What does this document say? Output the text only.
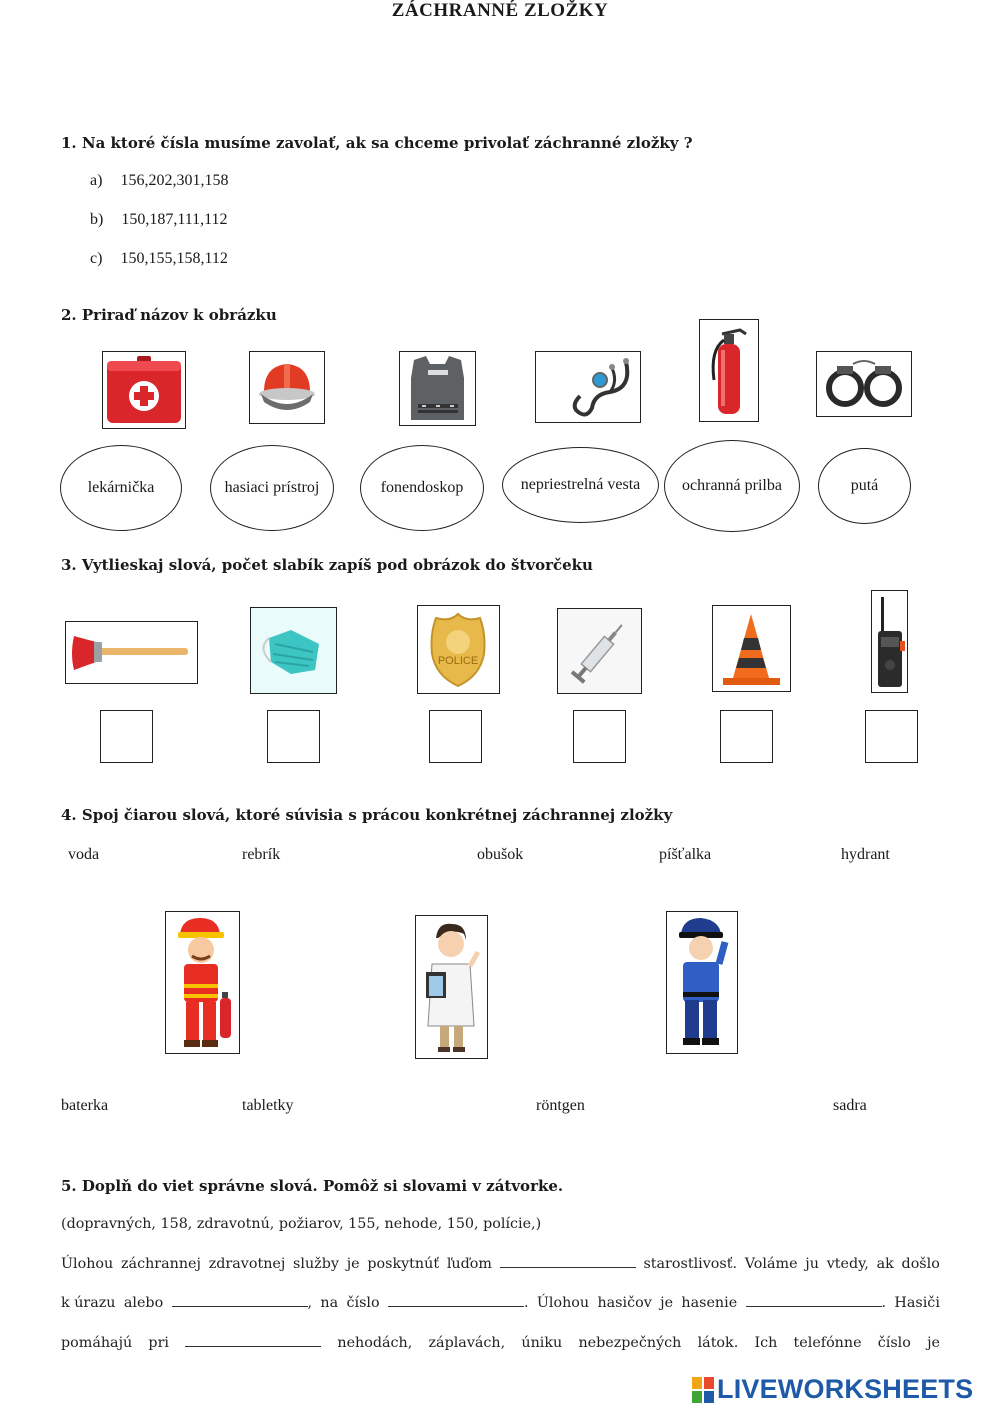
ZÁCHRANNÉ ZLOŽKY
1. Na ktoré čísla musíme zavolať, ak sa chceme privolať záchranné zložky ?
a) 156,202,301,158
b) 150,187,111,112
c) 150,155,158,112
2. Priraď názov k obrázku
lekárnička	hasiaci prístroj	fonendoskop	nepriestrelná vesta	ochranná prilba	putá
3. Vytlieskaj slová, počet slabík zapíš pod obrázok do štvorčeku
POLICE
4. Spoj čiarou slová, ktoré súvisia s prácou konkrétnej záchrannej zložky
voda	rebrík	obušok	píšťalka	hydrant
baterka	tabletky	röntgen	sadra
5. Doplň do viet správne slová. Pomôž si slovami v zátvorke.
(dopravných, 158, zdravotnú, požiarov, 155, nehode, 150, polície,)
Úlohou záchrannej zdravotnej služby je poskytnúť ľuďom	starostlivosť. Voláme ju vtedy, ak došlo
k úrazu alebo	, na číslo	. Úlohou hasičov je hasenie	. Hasiči
pomáhajú pri	nehodách, záplavách, úniku nebezpečných látok. Ich telefónne číslo je
LIVEWORKSHEETS
